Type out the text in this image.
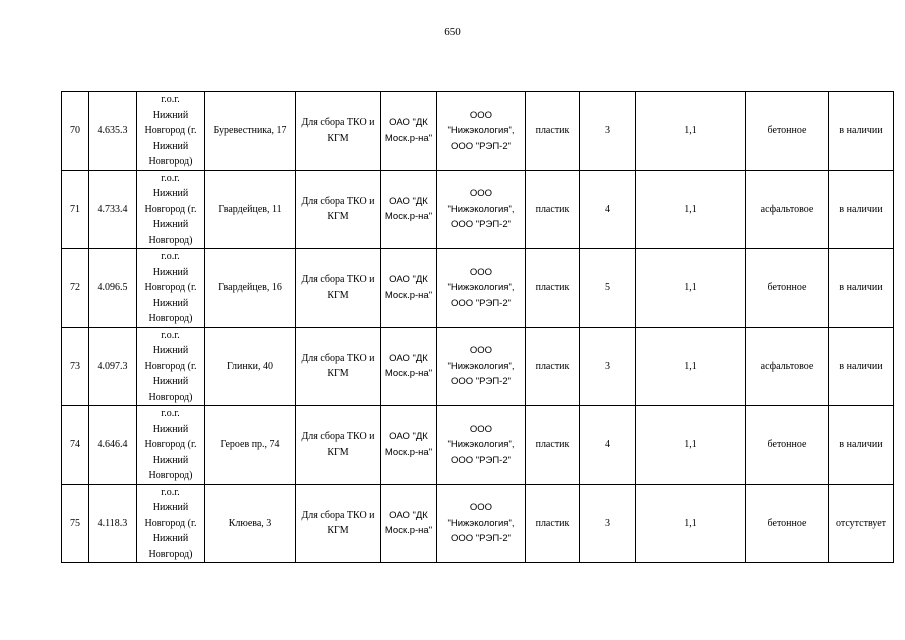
650
70	4.635.3	г.о.г.
Нижний
Новгород (г.
Нижний
Новгород)	Буревестника, 17	Для сбора ТКО и КГМ	ОАО "ДК Моск.р-на"	ООО "Нижэкология", ООО "РЭП-2"	пластик	3	1,1	бетонное	в наличии
71	4.733.4	г.о.г.
Нижний
Новгород (г.
Нижний
Новгород)	Гвардейцев, 11	Для сбора ТКО и КГМ	ОАО "ДК Моск.р-на"	ООО "Нижэкология", ООО "РЭП-2"	пластик	4	1,1	асфальтовое	в наличии
72	4.096.5	г.о.г.
Нижний
Новгород (г.
Нижний
Новгород)	Гвардейцев, 16	Для сбора ТКО и КГМ	ОАО "ДК Моск.р-на"	ООО "Нижэкология", ООО "РЭП-2"	пластик	5	1,1	бетонное	в наличии
73	4.097.3	г.о.г.
Нижний
Новгород (г.
Нижний
Новгород)	Глинки, 40	Для сбора ТКО и КГМ	ОАО "ДК Моск.р-на"	ООО "Нижэкология", ООО "РЭП-2"	пластик	3	1,1	асфальтовое	в наличии
74	4.646.4	г.о.г.
Нижний
Новгород (г.
Нижний
Новгород)	Героев пр., 74	Для сбора ТКО и КГМ	ОАО "ДК Моск.р-на"	ООО "Нижэкология", ООО "РЭП-2"	пластик	4	1,1	бетонное	в наличии
75	4.118.3	г.о.г.
Нижний
Новгород (г.
Нижний
Новгород)	Клюева, 3	Для сбора ТКО и КГМ	ОАО "ДК Моск.р-на"	ООО "Нижэкология", ООО "РЭП-2"	пластик	3	1,1	бетонное	отсутствует
